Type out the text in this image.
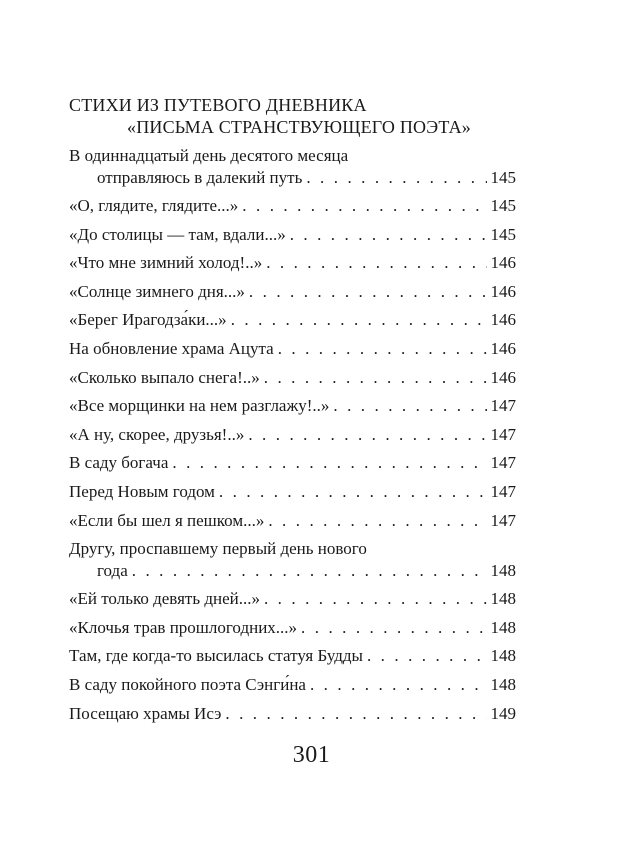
СТИХИ ИЗ ПУТЕВОГО ДНЕВНИКА
«ПИСЬМА СТРАНСТВУЮЩЕГО ПОЭТА»
В одиннадцатый день десятого месяца
отправляюсь в далекий путь . . .	145
«О, глядите, глядите...» . . .	145
«До столицы — там, вдали...» . . .	145
«Что мне зимний холод!..» . . .	146
«Солнце зимнего дня...» . . .	146
«Берег Ирагодза́ки...» . . .	146
На обновление храма Ацута . . .	146
«Сколько выпало снега!..» . . .	146
«Все морщинки на нем разглажу!..» . . .	147
«А ну, скорее, друзья!..» . . .	147
В саду богача . . .	147
Перед Новым годом . . .	147
«Если бы шел я пешком...» . . .	147
Другу, проспавшему первый день нового
года . . .	148
«Ей только девять дней...» . . .	148
«Клочья трав прошлогодних...» . . .	148
Там, где когда-то высилась статуя Будды . . .	148
В саду покойного поэта Сэнги́на . . .	148
Посещаю храмы Исэ . . .	149
301
